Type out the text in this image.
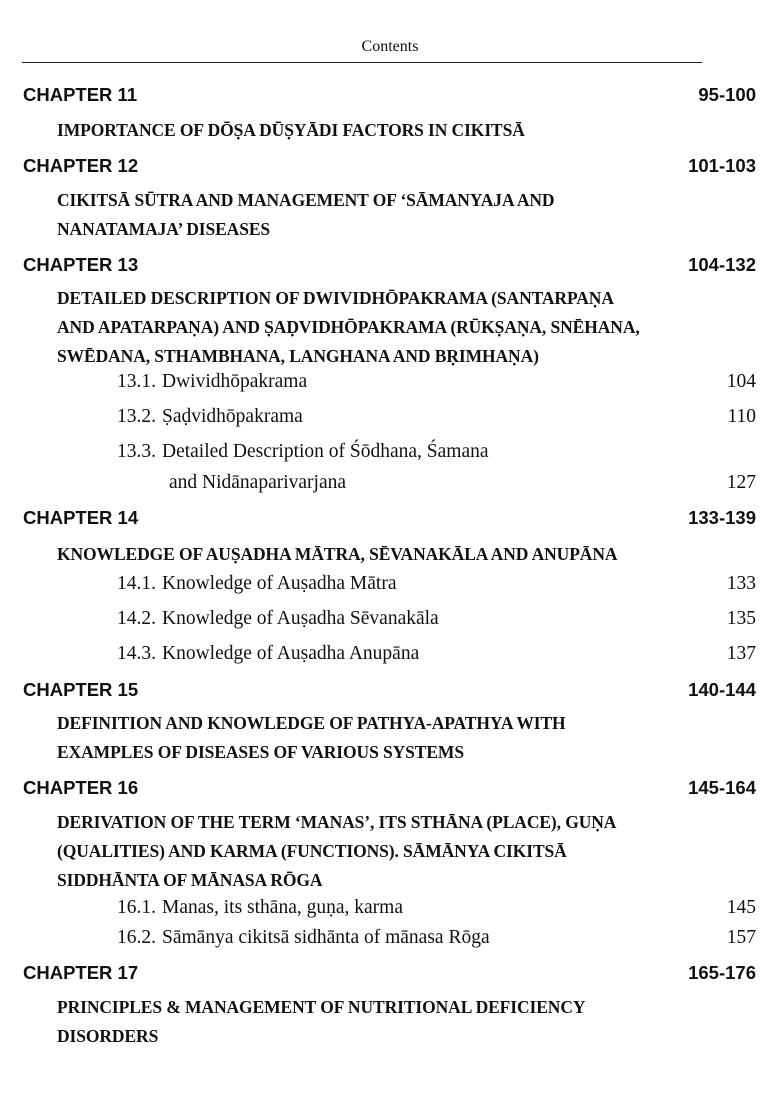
Contents
CHAPTER 11	95-100
IMPORTANCE OF DŌṢA DŪṢYĀDI FACTORS IN CIKITSĀ
CHAPTER 12	101-103
CIKITSĀ SŪTRA AND MANAGEMENT OF ‘SĀMANYAJA AND
NANATAMAJA’ DISEASES
CHAPTER 13	104-132
DETAILED DESCRIPTION OF DWIVIDHŌPAKRAMA (SANTARPAṆA
AND APATARPAṆA) AND ṢAḌVIDHŌPAKRAMA (RŪKṢAṆA, SNĒHANA,
SWĒDANA, STHAMBHANA, LANGHANA AND BṚIMHAṆA)
13.1. Dwividhōpakrama	104
13.2. Ṣaḍvidhōpakrama	110
13.3. Detailed Description of Śōdhana, Śamana
and Nidānaparivarjana	127
CHAPTER 14	133-139
KNOWLEDGE OF AUṢADHA MĀTRA, SĒVANAKĀLA AND ANUPĀNA
14.1. Knowledge of Auṣadha Mātra	133
14.2. Knowledge of Auṣadha Sēvanakāla	135
14.3. Knowledge of Auṣadha Anupāna	137
CHAPTER 15	140-144
DEFINITION AND KNOWLEDGE OF PATHYA-APATHYA WITH
EXAMPLES OF DISEASES OF VARIOUS SYSTEMS
CHAPTER 16	145-164
DERIVATION OF THE TERM ‘MANAS’, ITS STHĀNA (PLACE), GUṆA
(QUALITIES) AND KARMA (FUNCTIONS). SĀMĀNYA CIKITSĀ
SIDDHĀNTA OF MĀNASA RŌGA
16.1. Manas, its sthāna, guṇa, karma	145
16.2. Sāmānya cikitsā sidhānta of mānasa Rōga	157
CHAPTER 17	165-176
PRINCIPLES & MANAGEMENT OF NUTRITIONAL DEFICIENCY
DISORDERS
